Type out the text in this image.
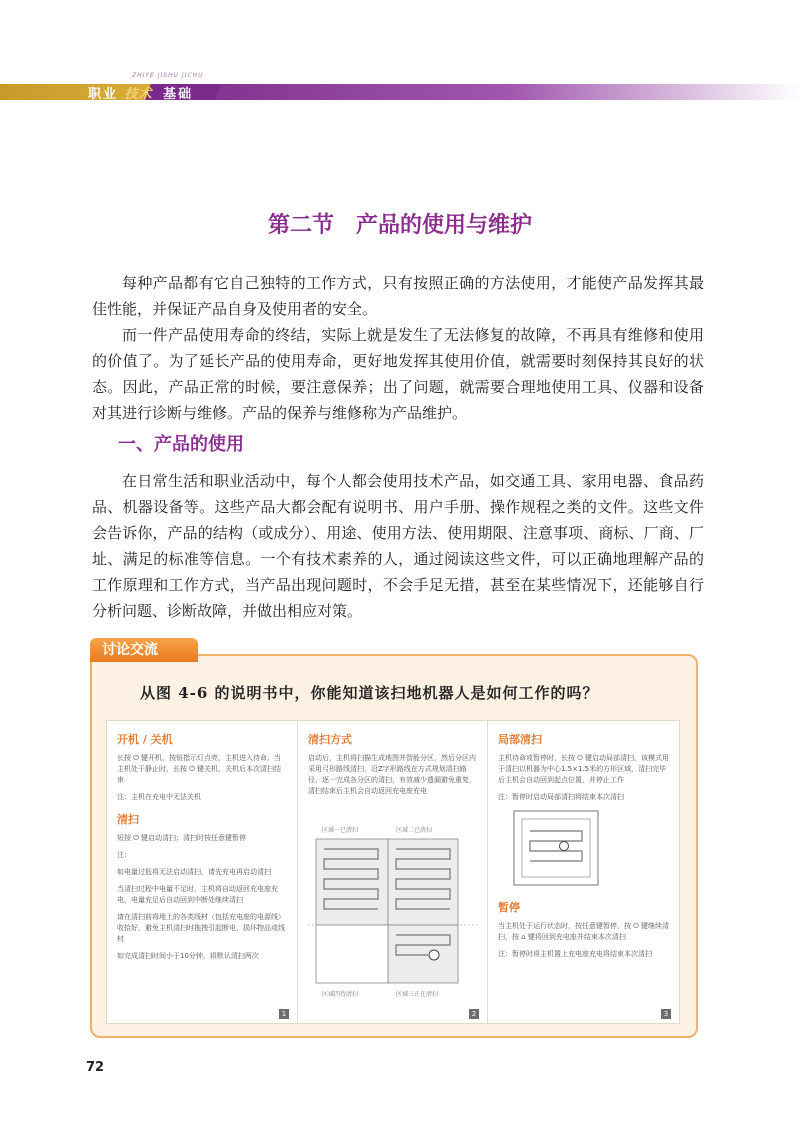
ZHIYE JISHU JICHU
职业 技术 基础
第二节　产品的使用与维护

每种产品都有它自己独特的工作方式，只有按照正确的方法使用，才能使产品发挥其最佳性能，并保证产品自身及使用者的安全。

而一件产品使用寿命的终结，实际上就是发生了无法修复的故障，不再具有维修和使用的价值了。为了延长产品的使用寿命，更好地发挥其使用价值，就需要时刻保持其良好的状态。因此，产品正常的时候，要注意保养；出了问题，就需要合理地使用工具、仪器和设备对其进行诊断与维修。产品的保养与维修称为产品维护。

一、产品的使用

在日常生活和职业活动中，每个人都会使用技术产品，如交通工具、家用电器、食品药品、机器设备等。这些产品大都会配有说明书、用户手册、操作规程之类的文件。这些文件会告诉你，产品的结构（或成分）、用途、使用方法、使用期限、注意事项、商标、厂商、厂址、满足的标准等信息。一个有技术素养的人，通过阅读这些文件，可以正确地理解产品的工作原理和工作方式，当产品出现问题时，不会手足无措，甚至在某些情况下，还能够自行分析问题、诊断故障，并做出相应对策。

讨论交流
从图 4-6 的说明书中，你能知道该扫地机器人是如何工作的吗？

开机 / 关机

长按 ⏻ 键开机，按钮指示灯点亮，主机进入待命。当主机处于静止时，长按 ⏻ 键关机，关机后本次清扫结束

注：主机在充电中无法关机

清扫

短按 ⏻ 键启动清扫；清扫时按任意键暂停

注：

如电量过低将无法启动清扫，请先充电再启动清扫

当清扫过程中电量不足时，主机将自动返回充电座充电，电量充足后自动回到中断处继续清扫

请在清扫前将地上的各类线材（包括充电座的电源线）收拾好，避免主机清扫时拖拽引起断电、损坏物品或线材

如完成清扫时间小于10分钟，将默认清扫两次

1

清扫方式

启动后，主机将扫描生成地图并智能分区，然后分区内采用弓形路线清扫，沿Z字形路线在方式规划清扫路径，逐一完成各分区的清扫，有效减少遗漏避免重复，清扫结束后主机会自动返回充电座充电

区域一已清扫	区域二已清扫
区域四待清扫	区域三正在清扫
2

局部清扫

主机待命或暂停时，长按 ⏻ 键启动局部清扫，该模式用于清扫以机器为中心1.5×1.5米的方形区域，清扫完毕后主机会自动回到起点位置，并停止工作

注：暂停时启动局部清扫将结束本次清扫

暂停

当主机处于运行状态时，按任意键暂停，按 ⏻ 键继续清扫，按 ⌂ 键将回到充电座并结束本次清扫

注：暂停时将主机置上充电座充电将结束本次清扫

3
72
